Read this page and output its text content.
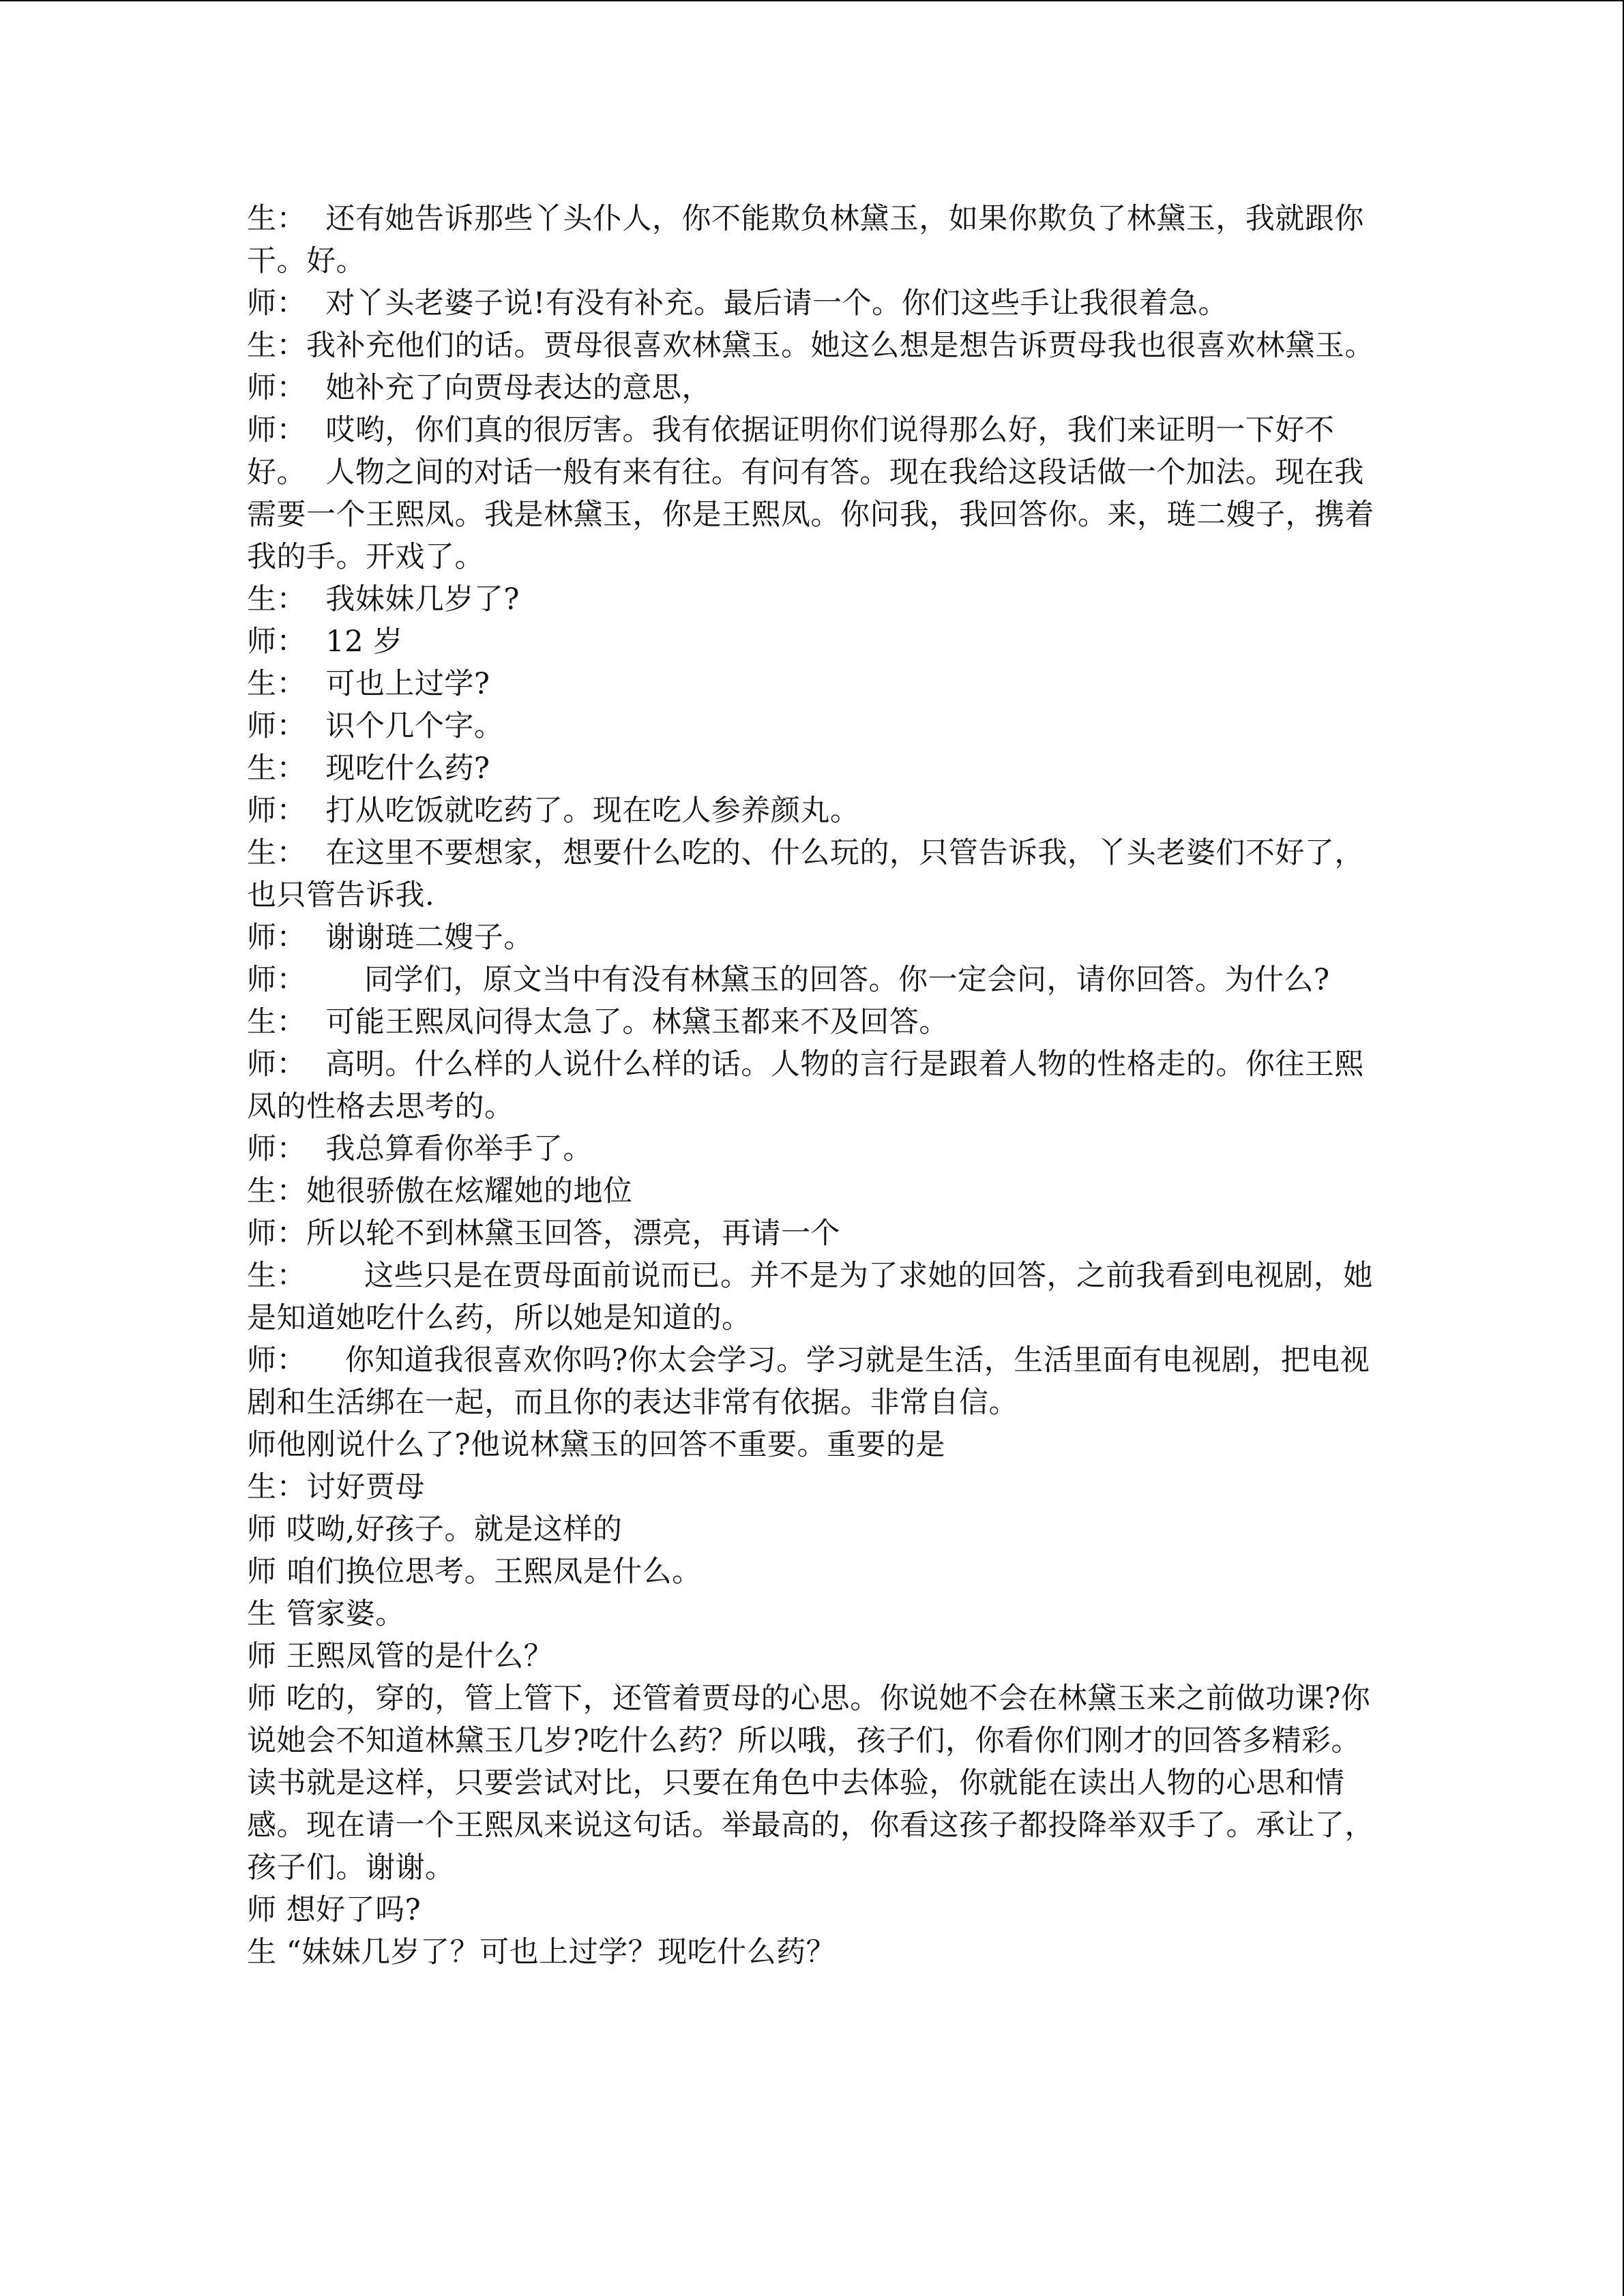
生：  还有她告诉那些丫头仆人，你不能欺负林黛玉，如果你欺负了林黛玉，我就跟你干。好。

师：  对丫头老婆子说!有没有补充。最后请一个。你们这些手让我很着急。

生：我补充他们的话。贾母很喜欢林黛玉。她这么想是想告诉贾母我也很喜欢林黛玉。

师：  她补充了向贾母表达的意思，

师：  哎哟，你们真的很厉害。我有依据证明你们说得那么好，我们来证明一下好不好。  人物之间的对话一般有来有往。有问有答。现在我给这段话做一个加法。现在我需要一个王熙凤。我是林黛玉，你是王熙凤。你问我，我回答你。来，琏二嫂子，携着我的手。开戏了。

生：  我妹妹几岁了?

师：  12 岁

生：  可也上过学?

师：  识个几个字。

生：  现吃什么药?

师：  打从吃饭就吃药了。现在吃人参养颜丸。

生：  在这里不要想家，想要什么吃的、什么玩的，只管告诉我，丫头老婆们不好了，也只管告诉我.

师：  谢谢琏二嫂子。

师：      同学们，原文当中有没有林黛玉的回答。你一定会问，请你回答。为什么?

生：  可能王熙凤问得太急了。林黛玉都来不及回答。

师：  高明。什么样的人说什么样的话。人物的言行是跟着人物的性格走的。你往王熙凤的性格去思考的。

师：  我总算看你举手了。

生：她很骄傲在炫耀她的地位

师：所以轮不到林黛玉回答，漂亮，再请一个

生：      这些只是在贾母面前说而已。并不是为了求她的回答，之前我看到电视剧，她是知道她吃什么药，所以她是知道的。

师：    你知道我很喜欢你吗?你太会学习。学习就是生活，生活里面有电视剧，把电视剧和生活绑在一起，而且你的表达非常有依据。非常自信。

师他刚说什么了?他说林黛玉的回答不重要。重要的是

生：讨好贾母

师 哎呦,好孩子。就是这样的

师 咱们换位思考。王熙凤是什么。

生 管家婆。

师 王熙凤管的是什么？

师 吃的，穿的，管上管下，还管着贾母的心思。你说她不会在林黛玉来之前做功课?你说她会不知道林黛玉几岁?吃什么药？所以哦，孩子们，你看你们刚才的回答多精彩。读书就是这样，只要尝试对比，只要在角色中去体验，你就能在读出人物的心思和情感。现在请一个王熙凤来说这句话。举最高的，你看这孩子都投降举双手了。承让了，孩子们。谢谢。

师 想好了吗?

生 “妹妹几岁了？可也上过学？现吃什么药？
